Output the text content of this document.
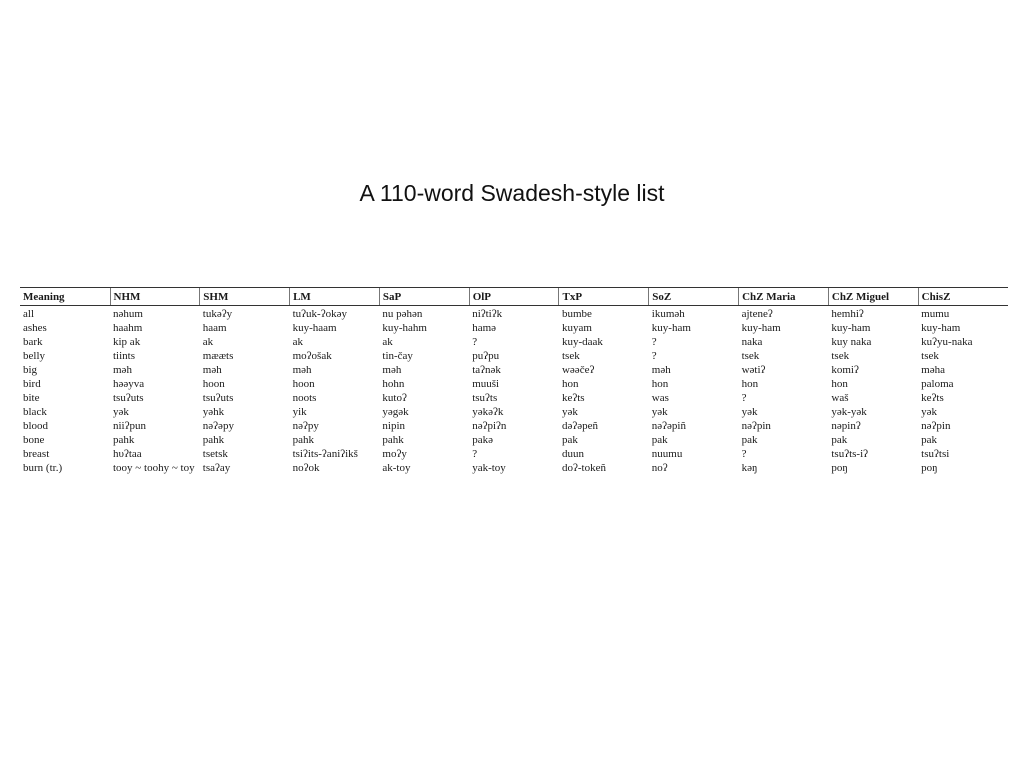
A 110-word Swadesh-style list
Meaning	NHM	SHM	LM	SaP	OlP	TxP	SoZ	ChZ Maria	ChZ Miguel	ChisZ
all	nəhum	tukəʔy	tuʔuk-ʔokəy	nu pəhən	niʔtiʔk	bumbe	ikuməh	ajtеneʔ	hemhiʔ	mumu
ashes	haahm	haam	kuy-haam	kuy-hahm	hamə	kuyam	kuy-ham	kuy-ham	kuy-ham	kuy-ham
bark	kip ak	ak	ak	ak	?	kuy-daak	?	naka	kuy naka	kuʔyu-naka
belly	tiints	mææts	moʔošak	tin-čay	puʔpu	tsek	?	tsek	tsek	tsek
big	məh	məh	məh	məh	taʔnək	wəəčeʔ	məh	wətiʔ	komiʔ	məha
bird	həəyva	hoon	hoon	hohn	muuši	hon	hon	hon	hon	paloma
bite	tsuʔuts	tsuʔuts	noots	kutoʔ	tsuʔts	keʔts	was	?	waš	keʔts
black	yək	yəhk	yik	yəgək	yəkəʔk	yək	yək	yək	yək-yək	yək
blood	niiʔpun	nəʔəpy	nəʔpy	nipin	nəʔpiʔn	dəʔəpeñ	nəʔəpiñ	nəʔpin	nəpinʔ	nəʔpin
bone	pahk	pahk	pahk	pahk	pakə	pak	pak	pak	pak	pak
breast	hυʔtaa	tsetsk	tsiʔits-ʔaniʔikš	moʔy	?	duun	nuumu	?	tsuʔts-iʔ	tsuʔtsi
burn (tr.)	tooy ~ toohy ~ toy	tsaʔay	noʔok	ak-toy	yak-toy	doʔ-tokeñ	noʔ	kəŋ	poŋ	poŋ
